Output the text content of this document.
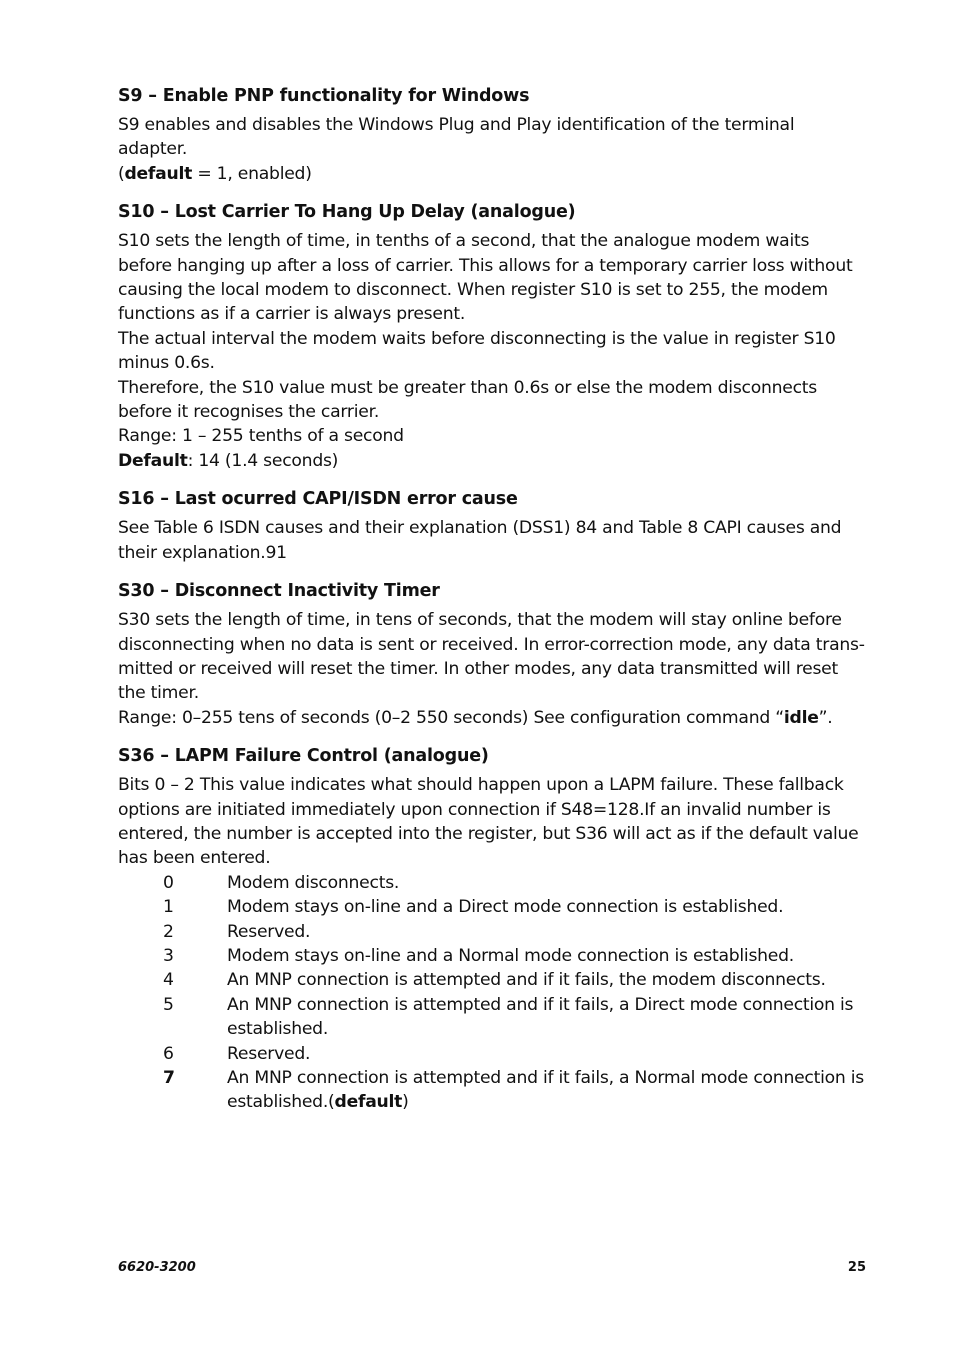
S9 – Enable PNP functionality for Windows

S9 enables and disables the Windows Plug and Play identification of the terminal adapter.
(default = 1, enabled)

S10 – Lost Carrier To Hang Up Delay (analogue)

S10 sets the length of time, in tenths of a second, that the analogue modem waits before hanging up after a loss of carrier. This allows for a temporary carrier loss without causing the local modem to disconnect. When register S10 is set to 255, the modem functions as if a carrier is always present.

The actual interval the modem waits before disconnecting is the value in register S10 minus 0.6s.

Therefore, the S10 value must be greater than 0.6s or else the modem disconnects before it recognises the carrier.

Range: 1 – 255 tenths of a second

Default: 14 (1.4 seconds)

S16 – Last ocurred CAPI/ISDN error cause

See Table 6 ISDN causes and their explanation (DSS1) 84 and Table 8 CAPI causes and their explanation.91

S30 – Disconnect Inactivity Timer

S30 sets the length of time, in tens of seconds, that the modem will stay online before disconnecting when no data is sent or received. In error-correction mode, any data trans-mitted or received will reset the timer. In other modes, any data transmitted will reset the timer.

Range: 0–255 tens of seconds (0–2 550 seconds) See configuration command “idle”.

S36 – LAPM Failure Control (analogue)

Bits 0 – 2 This value indicates what should happen upon a LAPM failure. These fallback options are initiated immediately upon connection if S48=128.If an invalid number is entered, the number is accepted into the register, but S36 will act as if the default value has been entered.

0	Modem disconnects.
1	Modem stays on-line and a Direct mode connection is established.
2	Reserved.
3	Modem stays on-line and a Normal mode connection is established.
4	An MNP connection is attempted and if it fails, the modem disconnects.
5	An MNP connection is attempted and if it fails, a Direct mode connection is established.
6	Reserved.
7	An MNP connection is attempted and if it fails, a Normal mode connection is established.(default)
6620-3200	25
